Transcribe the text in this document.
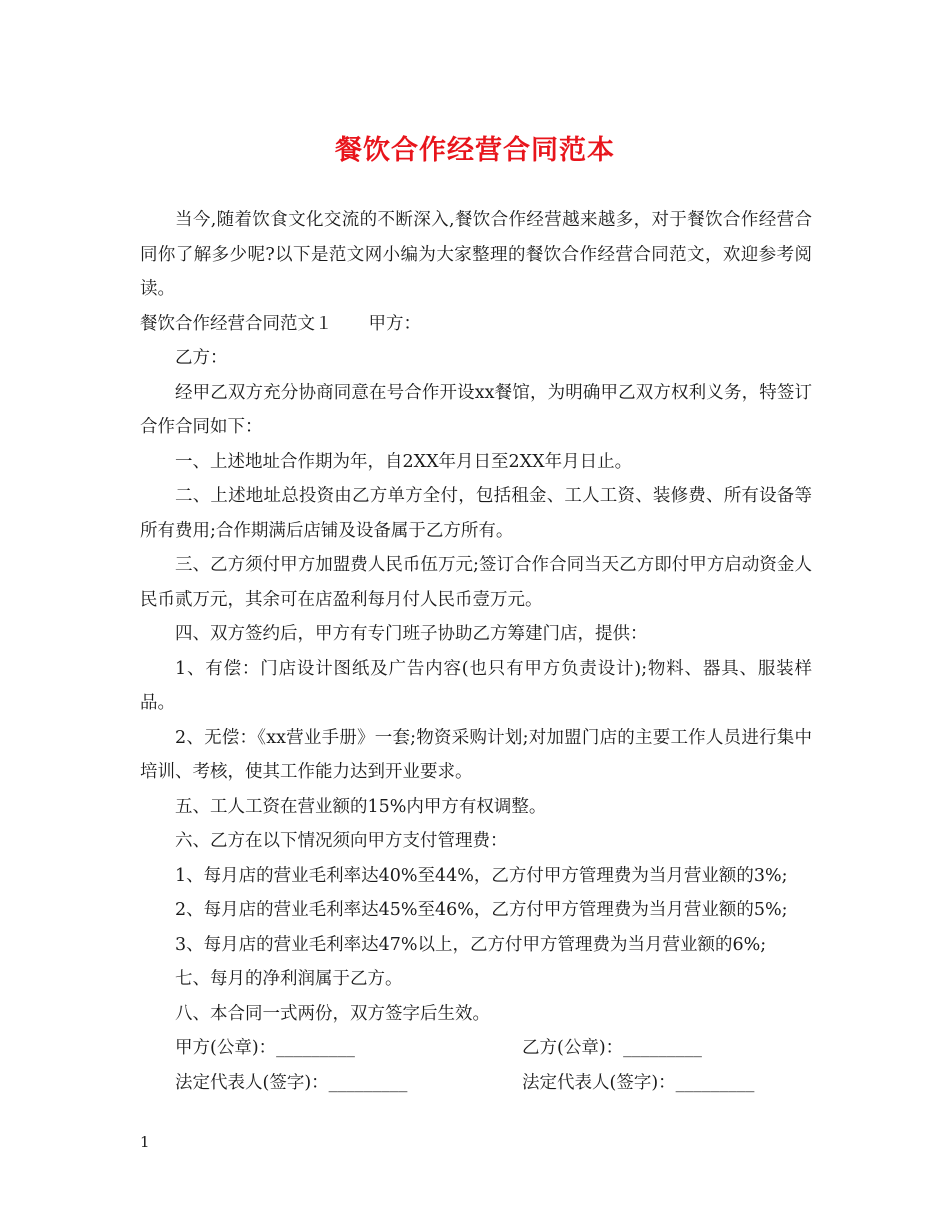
餐饮合作经营合同范本

当今,随着饮食文化交流的不断深入,餐饮合作经营越来越多，对于餐饮合作经营合同你了解多少呢?以下是范文网小编为大家整理的餐饮合作经营合同范文，欢迎参考阅读。

餐饮合作经营合同范文１ 甲方：

乙方：

经甲乙双方充分协商同意在号合作开设xx餐馆，为明确甲乙双方权利义务，特签订合作合同如下：

一、上述地址合作期为年，自2XX年月日至2XX年月日止。

二、上述地址总投资由乙方单方全付，包括租金、工人工资、装修费、所有设备等所有费用;合作期满后店铺及设备属于乙方所有。

三、乙方须付甲方加盟费人民币伍万元;签订合作合同当天乙方即付甲方启动资金人民币贰万元，其余可在店盈利每月付人民币壹万元。

四、双方签约后，甲方有专门班子协助乙方筹建门店，提供：

1、有偿：门店设计图纸及广告内容(也只有甲方负责设计);物料、器具、服装样品。

2、无偿：《xx营业手册》一套;物资采购计划;对加盟门店的主要工作人员进行集中培训、考核，使其工作能力达到开业要求。

五、工人工资在营业额的15%内甲方有权调整。

六、乙方在以下情况须向甲方支付管理费：

1、每月店的营业毛利率达40%至44%，乙方付甲方管理费为当月营业额的3%;

2、每月店的营业毛利率达45%至46%，乙方付甲方管理费为当月营业额的5%;

3、每月店的营业毛利率达47%以上，乙方付甲方管理费为当月营业额的6%;

七、每月的净利润属于乙方。

八、本合同一式两份，双方签字后生效。

甲方(公章)：_________	乙方(公章)：_________
法定代表人(签字)：_________	法定代表人(签字)：_________
1
